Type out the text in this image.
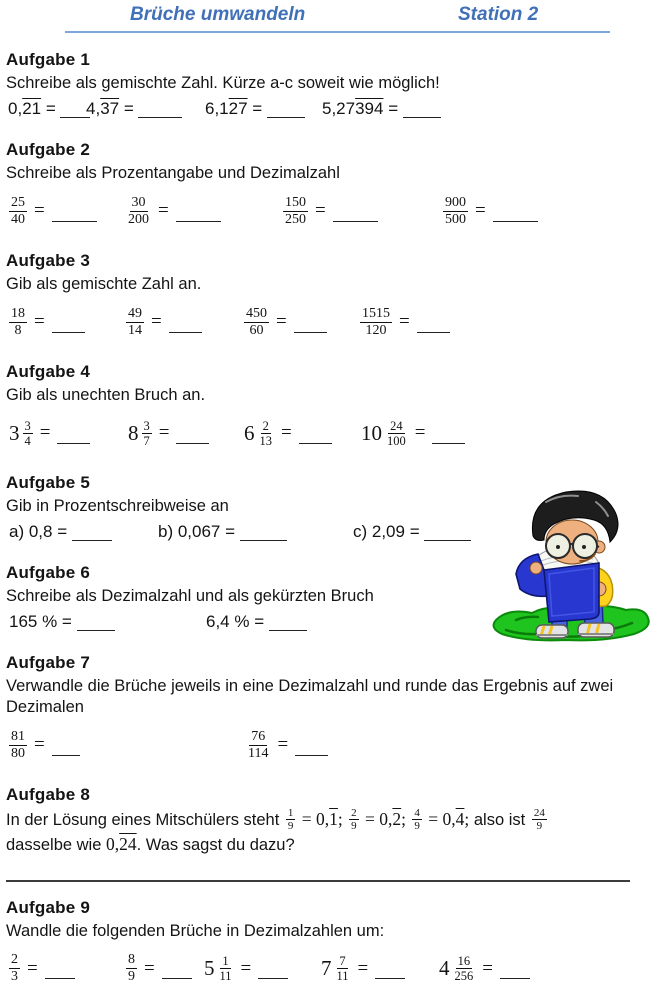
Brüche umwandeln	Station 2
Aufgabe 1

Schreibe als gemischte Zahl. Kürze a-c soweit wie möglich!

0,21 =	4,37 =	6,127 =	5,27394 =
Aufgabe 2

Schreibe als Prozentangabe und Dezimalzahl

$\frac{25}{40}$ =	$\frac{30}{200}$ =	$\frac{150}{250}$ =	$\frac{900}{500}$ =
Aufgabe 3

Gib als gemischte Zahl an.

$\frac{18}{8}$ =	$\frac{49}{14}$ =	$\frac{450}{60}$ =	$\frac{1515}{120}$ =
Aufgabe 4

Gib als unechten Bruch an.

$3 \frac{3}{4}$ =	$8 \frac{3}{7}$ =	$6 \frac{2}{13}$ =	$10 \frac{24}{100}$ =
Aufgabe 5

Gib in Prozentschreibweise an

a) 0,8 =	b) 0,067 =	c) 2,09 =
Aufgabe 6

Schreibe als Dezimalzahl und als gekürzten Bruch

165 % =	6,4 % =
Aufgabe 7

Verwandle die Brüche jeweils in eine Dezimalzahl und runde das Ergebnis auf zwei Dezimalen

$\frac{81}{80}$ =	$\frac{76}{114}$ =
Aufgabe 8

In der Lösung eines Mitschülers steht $\frac{1}{9} = 0,1$; $\frac{2}{9} = 0,2$; $\frac{4}{9} = 0,4$; also ist $\frac{24}{9}$

dasselbe wie 0,24. Was sagst du dazu?

Aufgabe 9

Wandle die folgenden Brüche in Dezimalzahlen um:

$\frac{2}{3}$ =	$\frac{8}{9} = 5 \frac{1}{11}$ =	$7 \frac{7}{11}$ =	$4 \frac{16}{256}$ =
